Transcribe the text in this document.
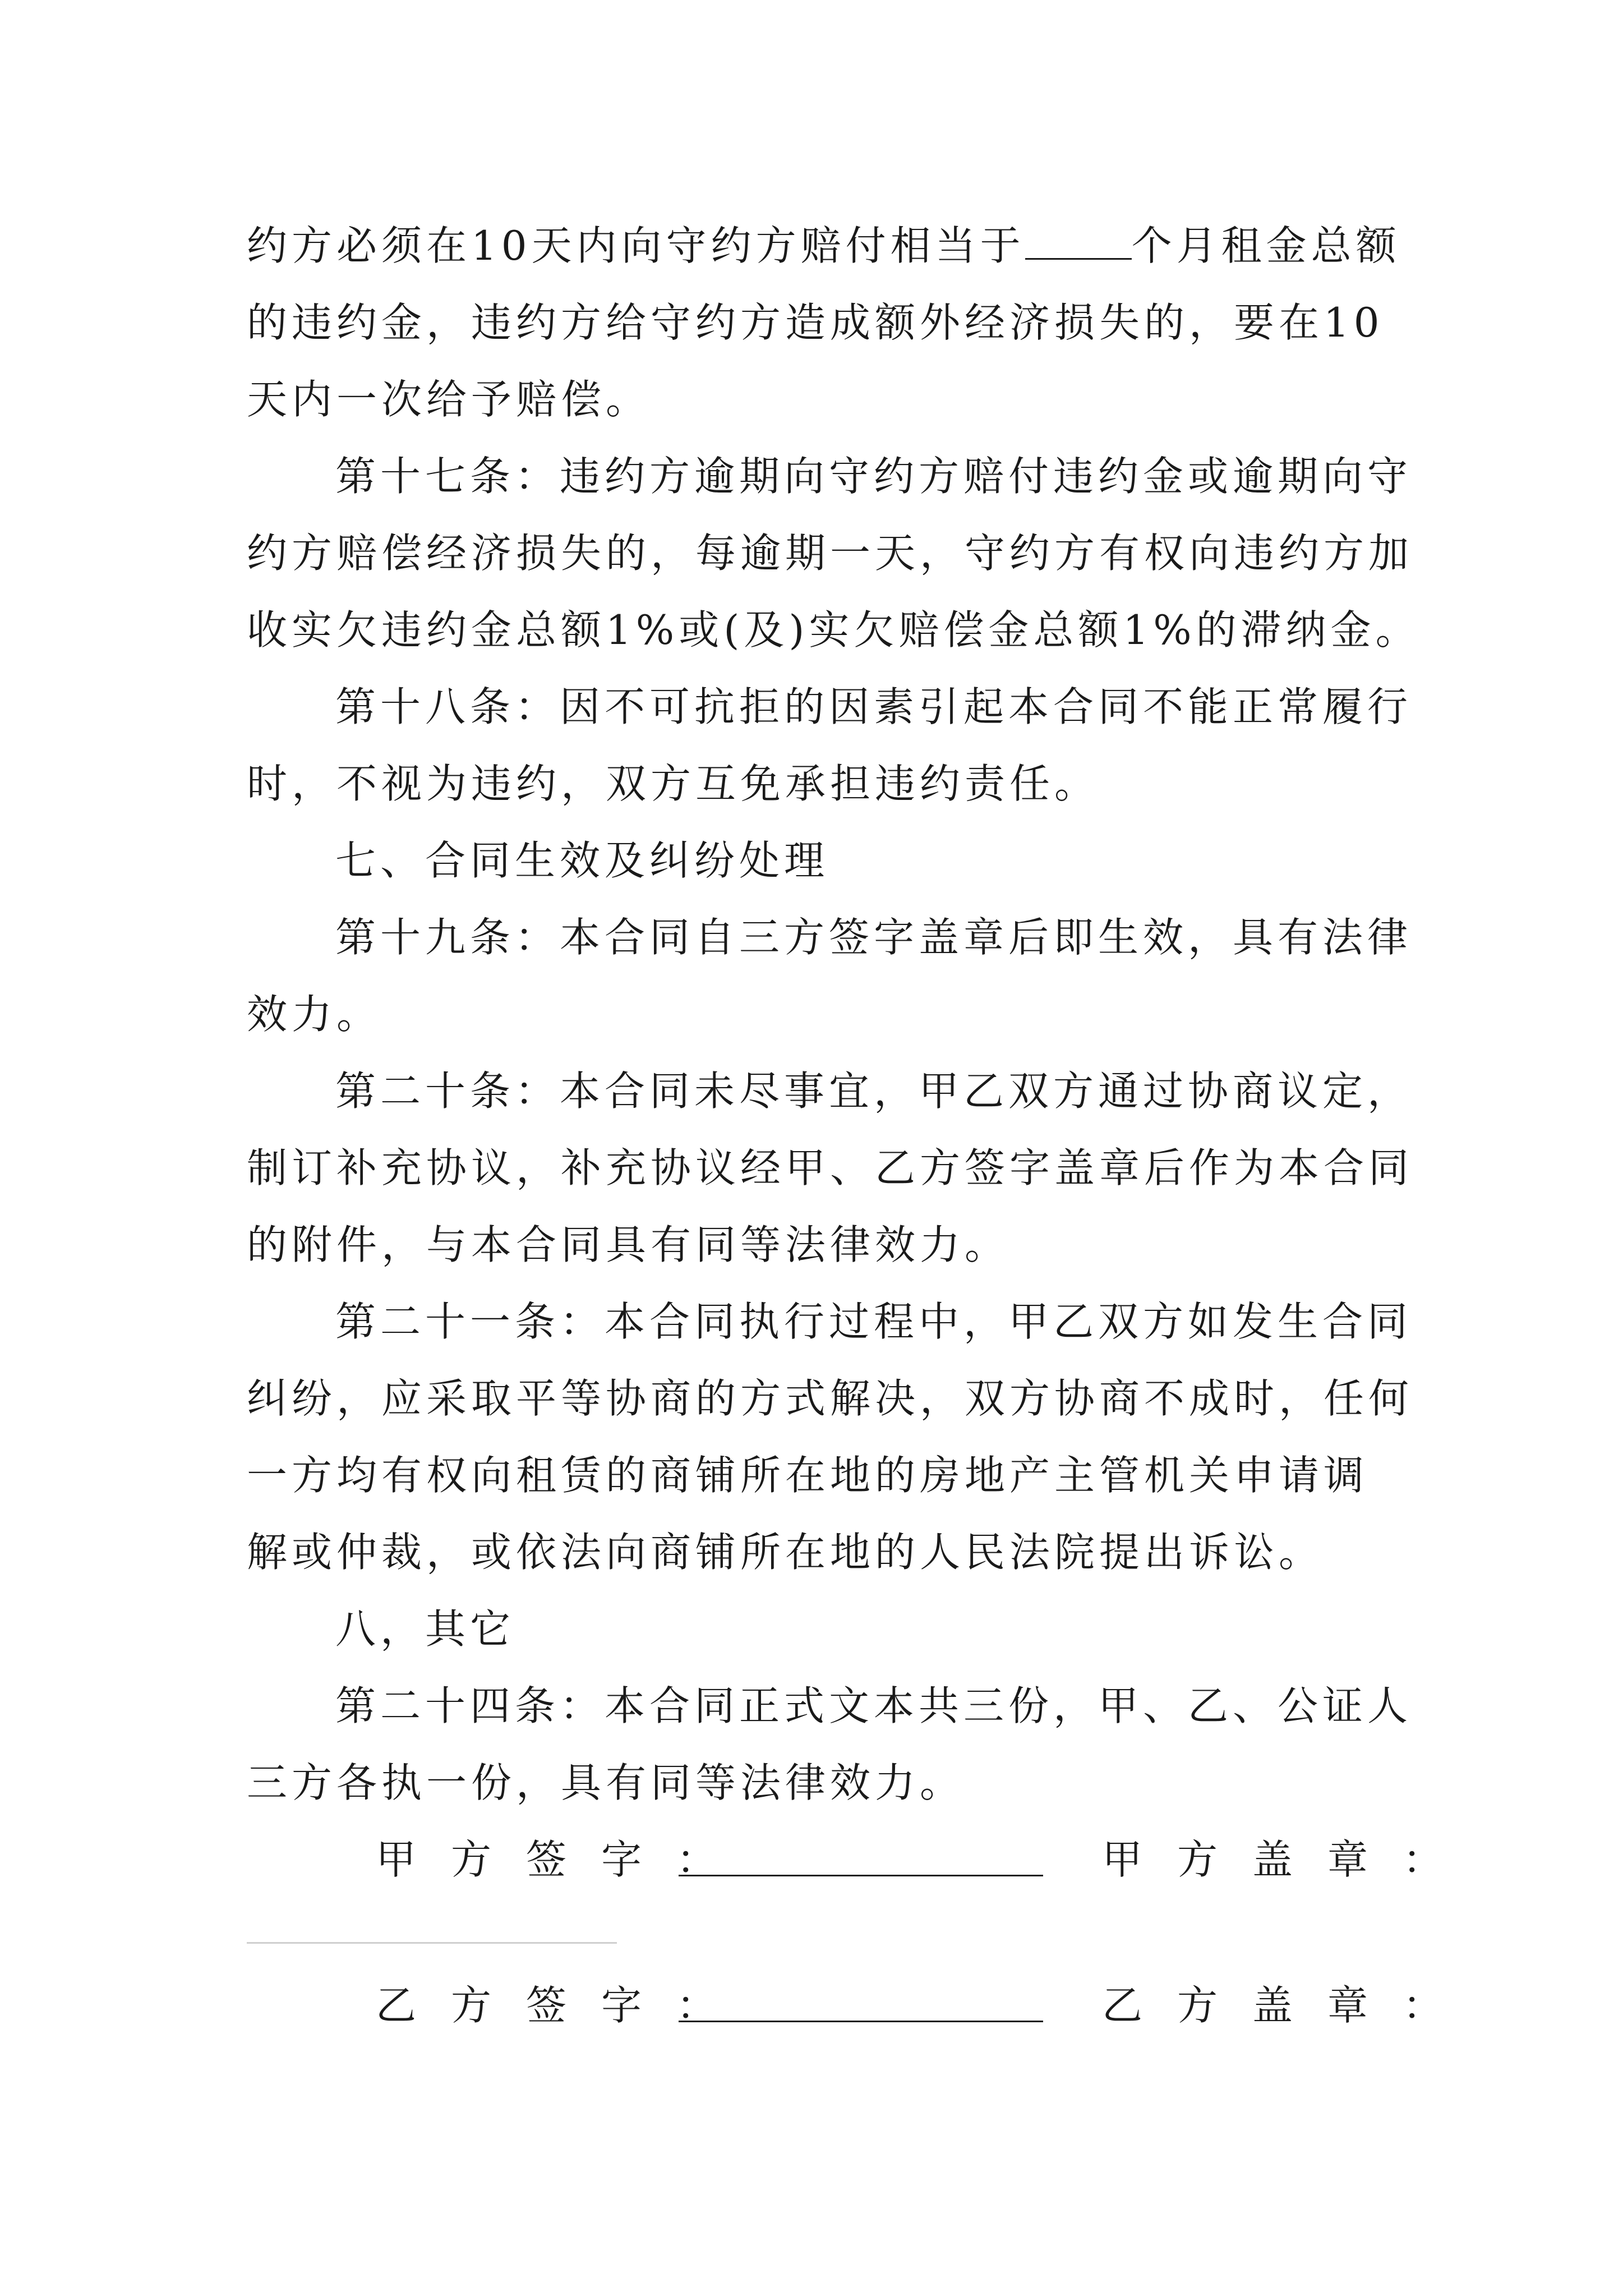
约方必须在10天内向守约方赔付相当于	个月租金总额
的违约金，违约方给守约方造成额外经济损失的，要在10
天内一次给予赔偿。
第十七条：违约方逾期向守约方赔付违约金或逾期向守
约方赔偿经济损失的，每逾期一天，守约方有权向违约方加
收实欠违约金总额1%或(及)实欠赔偿金总额1%的滞纳金。
第十八条：因不可抗拒的因素引起本合同不能正常履行
时，不视为违约，双方互免承担违约责任。
七、合同生效及纠纷处理
第十九条：本合同自三方签字盖章后即生效，具有法律
效力。
第二十条：本合同未尽事宜，甲乙双方通过协商议定，
制订补充协议，补充协议经甲、乙方签字盖章后作为本合同
的附件，与本合同具有同等法律效力。
第二十一条：本合同执行过程中，甲乙双方如发生合同
纠纷，应采取平等协商的方式解决，双方协商不成时，任何
一方均有权向租赁的商铺所在地的房地产主管机关申请调
解或仲裁，或依法向商铺所在地的人民法院提出诉讼。
八，其它
第二十四条：本合同正式文本共三份，甲、乙、公证人
三方各执一份，具有同等法律效力。
甲方签字：	甲方盖章：
乙方签字：	乙方盖章：
